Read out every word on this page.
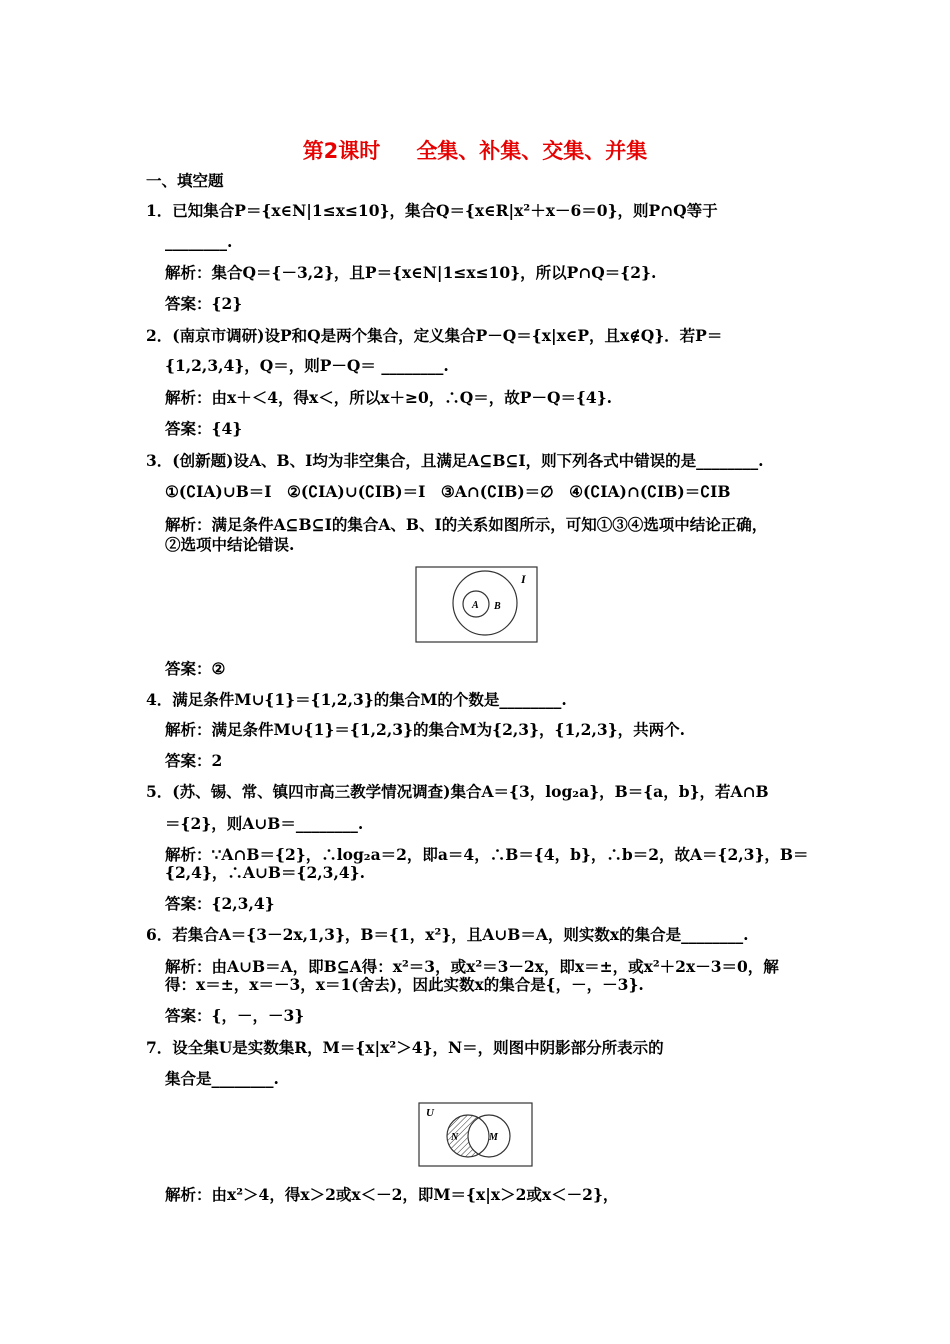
第2课时 全集、补集、交集、并集
一、填空题
1．已知集合P＝{x∈N|1≤x≤10}，集合Q＝{x∈R|x²＋x－6＝0}，则P∩Q等于
________.
解析：集合Q＝{－3,2}，且P＝{x∈N|1≤x≤10}，所以P∩Q＝{2}.
答案：{2}
2．(南京市调研)设P和Q是两个集合，定义集合P－Q＝{x|x∈P，且x∉Q}．若P＝
{1,2,3,4}，Q＝，则P－Q＝ ________.
解析：由x＋＜4，得x＜，所以x＋≥0，∴Q＝，故P－Q＝{4}.
答案：{4}
3．(创新题)设A、B、I均为非空集合，且满足A⊆B⊆I，则下列各式中错误的是________.
①(∁IA)∪B＝I　②(∁IA)∪(∁IB)＝I　③A∩(∁IB)＝∅　④(∁IA)∩(∁IB)＝∁IB
解析：满足条件A⊆B⊆I的集合A、B、I的关系如图所示，可知①③④选项中结论正确，
②选项中结论错误.
I
A B
答案：②
4．满足条件M∪{1}＝{1,2,3}的集合M的个数是________.
解析：满足条件M∪{1}＝{1,2,3}的集合M为{2,3}，{1,2,3}，共两个.
答案：2
5．(苏、锡、常、镇四市高三教学情况调查)集合A＝{3，log₂a}，B＝{a，b}，若A∩B
＝{2}，则A∪B＝________.
解析：∵A∩B＝{2}，∴log₂a＝2，即a＝4，∴B＝{4，b}，∴b＝2，故A＝{2,3}，B＝
{2,4}，∴A∪B＝{2,3,4}.
答案：{2,3,4}
6．若集合A＝{3－2x,1,3}，B＝{1，x²}，且A∪B＝A，则实数x的集合是________.
解析：由A∪B＝A，即B⊆A得：x²＝3，或x²＝3－2x，即x＝±，或x²＋2x－3＝0，解
得：x＝±，x＝－3，x＝1(舍去)，因此实数x的集合是{，－，－3}.
答案：{，－，－3}
7．设全集U是实数集R，M＝{x|x²＞4}，N＝，则图中阴影部分所表示的
集合是________.
U
N	M
解析：由x²＞4，得x＞2或x＜－2，即M＝{x|x＞2或x＜－2}，
